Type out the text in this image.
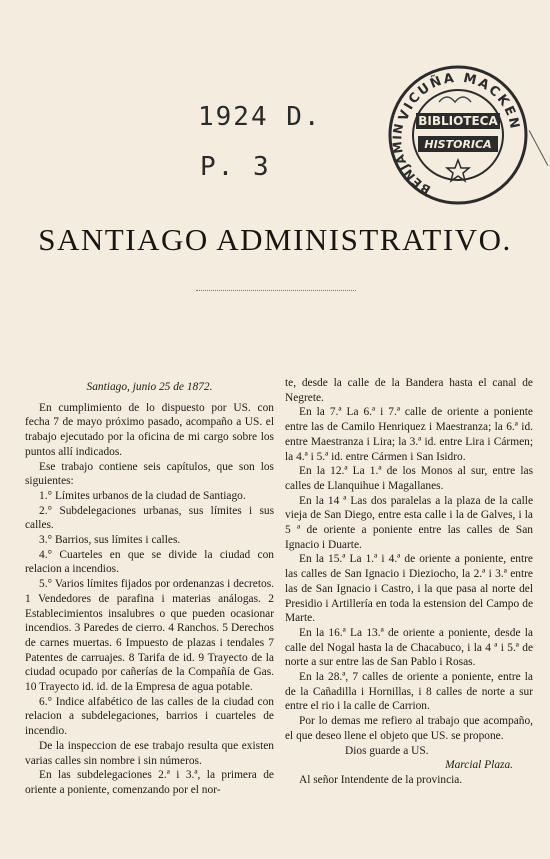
1924 D.
P. 3
VICUÑA MACKEN
BENJAMIN
BIBLIOTECA
HISTORICA
SANTIAGO ADMINISTRATIVO.

Santiago, junio 25 de 1872.

En cumplimiento de lo dispuesto por US. con fecha 7 de mayo próximo pasado, acompaño a US. el trabajo ejecutado por la oficina de mi cargo sobre los puntos allí indicados.

Ese trabajo contiene seis capítulos, que son los siguientes:

1.° Límites urbanos de la ciudad de Santiago.

2.° Subdelegaciones urbanas, sus límites i sus calles.

3.° Barrios, sus límites i calles.

4.° Cuarteles en que se divide la ciudad con relacion a incendios.

5.° Varios límites fijados por ordenanzas i decretos. 1 Vendedores de parafina i materias análogas. 2 Establecimientos insalubres o que pueden ocasionar incendios. 3 Paredes de cierro. 4 Ranchos. 5 Derechos de carnes muertas. 6 Impuesto de plazas i tendales 7 Patentes de carruajes. 8 Tarifa de id. 9 Trayecto de la ciudad ocupado por cañerías de la Compañía de Gas. 10 Trayecto id. id. de la Empresa de agua potable.

6.° Indice alfabético de las calles de la ciudad con relacion a subdelegaciones, barrios i cuarteles de incendio.

De la inspeccion de ese trabajo resulta que existen varias calles sin nombre i sin números.

En las subdelegaciones 2.ª i 3.ª, la primera de oriente a poniente, comenzando por el nor-

te, desde la calle de la Bandera hasta el canal de Negrete.

En la 7.ª La 6.ª i 7.ª calle de oriente a poniente entre las de Camilo Henriquez i Maestranza; la 6.ª id. entre Maestranza i Lira; la 3.ª id. entre Lira i Cármen; la 4.ª i 5.ª id. entre Cármen i San Isidro.

En la 12.ª La 1.ª de los Monos al sur, entre las calles de Llanquihue i Magallanes.

En la 14 ª Las dos paralelas a la plaza de la calle vieja de San Diego, entre esta calle i la de Galves, i la 5 ª de oriente a poniente entre las calles de San Ignacio i Duarte.

En la 15.ª La 1.ª i 4.ª de oriente a poniente, entre las calles de San Ignacio i Dieziocho, la 2.ª i 3.ª entre las de San Ignacio i Castro, i la que pasa al norte del Presidio i Artillería en toda la estension del Campo de Marte.

En la 16.ª La 13.ª de oriente a poniente, desde la calle del Nogal hasta la de Chacabuco, i la 4 ª i 5.ª de norte a sur entre las de San Pablo i Rosas.

En la 28.ª, 7 calles de oriente a poniente, entre la de la Cañadilla i Hornillas, i 8 calles de norte a sur entre el rio i la calle de Carrion.

Por lo demas me refiero al trabajo que acompaño, el que deseo llene el objeto que US. se propone.

Dios guarde a US.

Marcial Plaza.

Al señor Intendente de la provincia.
